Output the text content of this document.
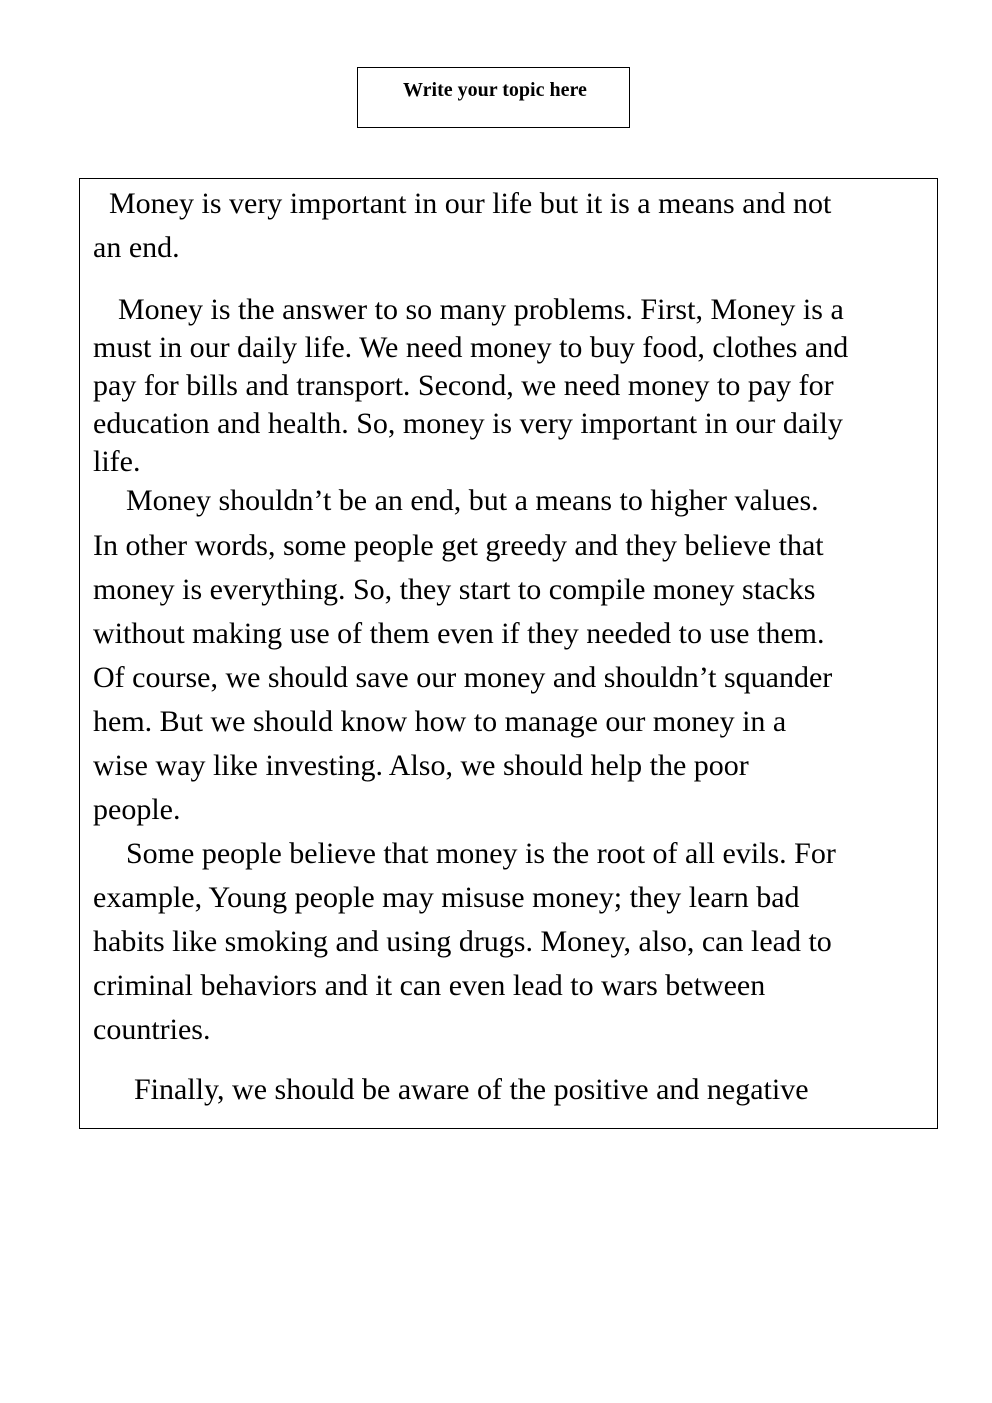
Write your topic here
Money is very important in our life but it is a means and not
an end.
Money is the answer to so many problems. First, Money is a
must in our daily life. We need money to buy food, clothes and
pay for bills and transport. Second, we need money to pay for
education and health. So, money is very important in our daily
life.
Money shouldn’t be an end, but a means to higher values.
In other words, some people get greedy and they believe that
money is everything. So, they start to compile money stacks
without making use of them even if they needed to use them.
Of course, we should save our money and shouldn’t squander
hem. But we should know how to manage our money in a
wise way like investing. Also, we should help the poor
people.
Some people believe that money is the root of all evils. For
example, Young people may misuse money; they learn bad
habits like smoking and using drugs. Money, also, can lead to
criminal behaviors and it can even lead to wars between
countries.
Finally, we should be aware of the positive and negative
